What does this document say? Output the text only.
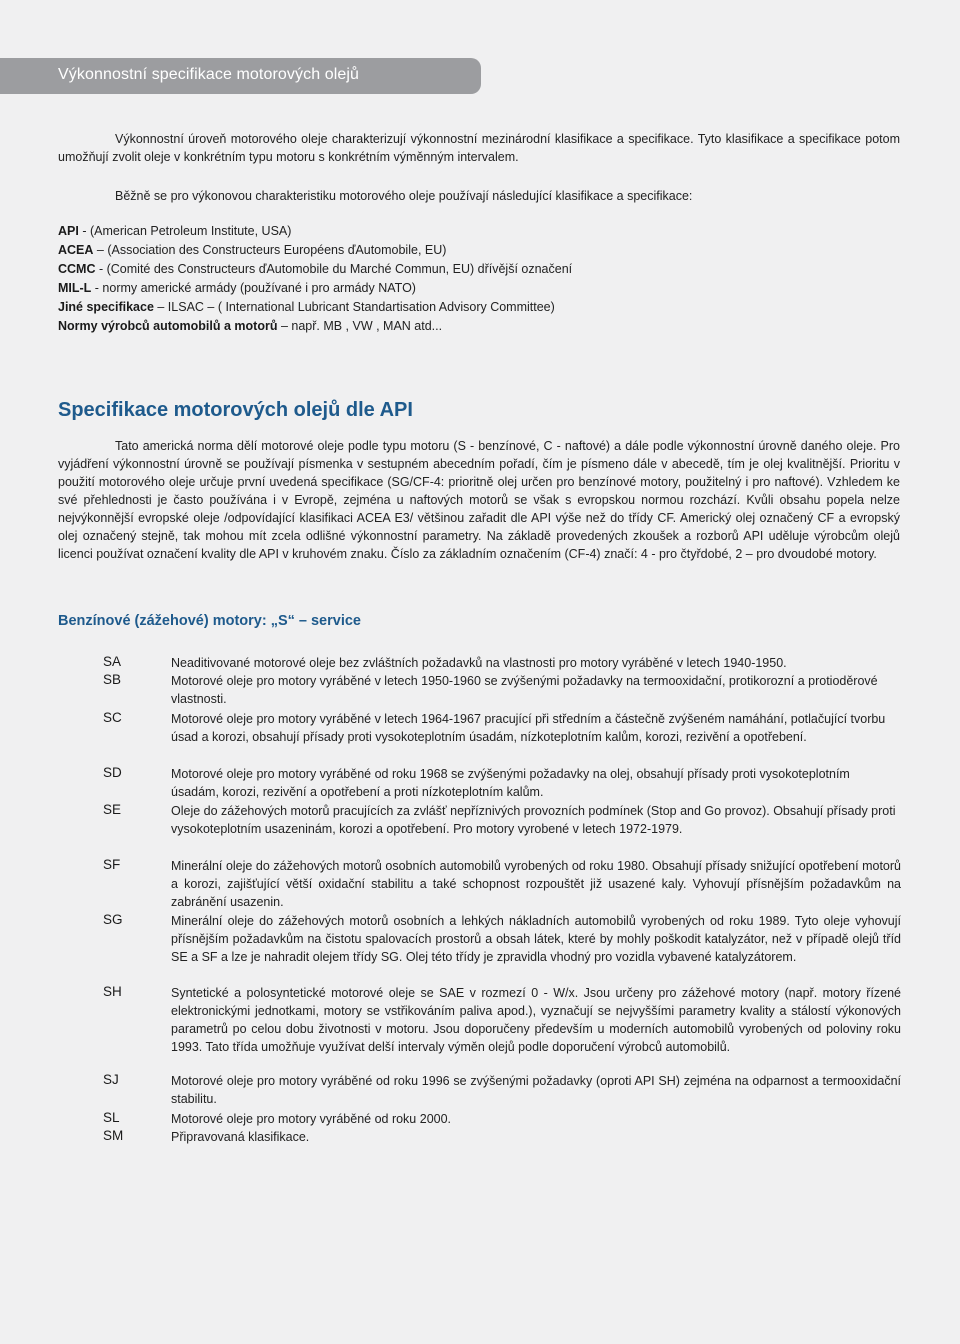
Výkonnostní specifikace motorových olejů
Výkonnostní úroveň motorového oleje charakterizují výkonnostní mezinárodní klasifikace a specifikace. Tyto klasifikace a specifikace potom umožňují zvolit oleje v konkrétním typu motoru s konkrétním výměnným intervalem.
Běžně se pro výkonovou charakteristiku motorového oleje používají následující klasifikace a specifikace:
API - (American Petroleum Institute, USA)
ACEA – (Association des Constructeurs Européens ďAutomobile, EU)
CCMC - (Comité des Constructeurs ďAutomobile du Marché Commun, EU) dřívější označení
MIL-L - normy americké armády (používané i pro armády NATO)
Jiné specifikace – ILSAC – ( International Lubricant Standartisation Advisory Committee)
Normy výrobců automobilů a motorů – např. MB , VW , MAN atd...
Specifikace motorových olejů dle API
Tato americká norma dělí motorové oleje podle typu motoru (S - benzínové, C - naftové) a dále podle výkonnostní úrovně daného oleje. Pro vyjádření výkonnostní úrovně se používají písmenka v sestupném abecedním pořadí, čím je písmeno dále v abecedě, tím je olej kvalitnější. Prioritu v použití motorového oleje určuje první uvedená specifikace (SG/CF-4: prioritně olej určen pro benzínové motory, použitelný i pro naftové). Vzhledem ke své přehlednosti je často používána i v Evropě, zejména u naftových motorů se však s evropskou normou rozchází. Kvůli obsahu popela nelze nejvýkonnější evropské oleje /odpovídající klasifikaci ACEA E3/ většinou zařadit dle API výše než do třídy CF. Americký olej označený CF a evropský olej označený stejně, tak mohou mít zcela odlišné výkonnostní parametry. Na základě provedených zkoušek a rozborů API uděluje výrobcům olejů licenci používat označení kvality dle API v kruhovém znaku. Číslo za základním označením (CF-4) značí: 4 - pro čtyřdobé, 2 – pro dvoudobé motory.
Benzínové (zážehové) motory: „S“ – service
SA	Neaditivované motorové oleje bez zvláštních požadavků na vlastnosti pro motory vyráběné v letech 1940-1950.
SB	Motorové oleje pro motory vyráběné v letech 1950-1960 se zvýšenými požadavky na termooxidační, protikorozní a protioděrové vlastnosti.
SC	Motorové oleje pro motory vyráběné v letech 1964-1967 pracující při středním a částečně zvýšeném namáhání, potlačující tvorbu úsad a korozi, obsahují přísady proti vysokoteplotním úsadám, nízkoteplotním kalům, korozi, rezivění a opotřebení.
SD	Motorové oleje pro motory vyráběné od roku 1968 se zvýšenými požadavky na olej, obsahují přísady proti vysokoteplotním úsadám, korozi, rezivění a opotřebení a proti nízkoteplotním kalům.
SE	Oleje do zážehových motorů pracujících za zvlášť nepříznivých provozních podmínek (Stop and Go provoz). Obsahují přísady proti vysokoteplotním usazeninám, korozi a opotřebení. Pro motory vyrobené v letech 1972-1979.
SF	Minerální oleje do zážehových motorů osobních automobilů vyrobených od roku 1980. Obsahují přísady snižující opotřebení motorů a korozi, zajišťující větší oxidační stabilitu a také schopnost rozpouštět již usazené kaly. Vyhovují přísnějším požadavkům na zabránění usazenin.
SG	Minerální oleje do zážehových motorů osobních a lehkých nákladních automobilů vyrobených od roku 1989. Tyto oleje vyhovují přísnějším požadavkům na čistotu spalovacích prostorů a obsah látek, které by mohly poškodit katalyzátor, než v případě olejů tříd SE a SF a lze je nahradit olejem třídy SG. Olej této třídy je zpravidla vhodný pro vozidla vybavené katalyzátorem.
SH	Syntetické a polosyntetické motorové oleje se SAE v rozmezí 0 - W/x. Jsou určeny pro zážehové motory (např. motory řízené elektronickými jednotkami, motory se vstřikováním paliva apod.), vyznačují se nejvyššími parametry kvality a stálostí výkonových parametrů po celou dobu životnosti v motoru. Jsou doporučeny především u moderních automobilů vyrobených od poloviny roku 1993. Tato třída umožňuje využívat delší intervaly výměn olejů podle doporučení výrobců automobilů.
SJ	Motorové oleje pro motory vyráběné od roku 1996 se zvýšenými požadavky (oproti API SH) zejména na odparnost a termooxidační stabilitu.
SL	Motorové oleje pro motory vyráběné od roku 2000.
SM	Připravovaná klasifikace.
